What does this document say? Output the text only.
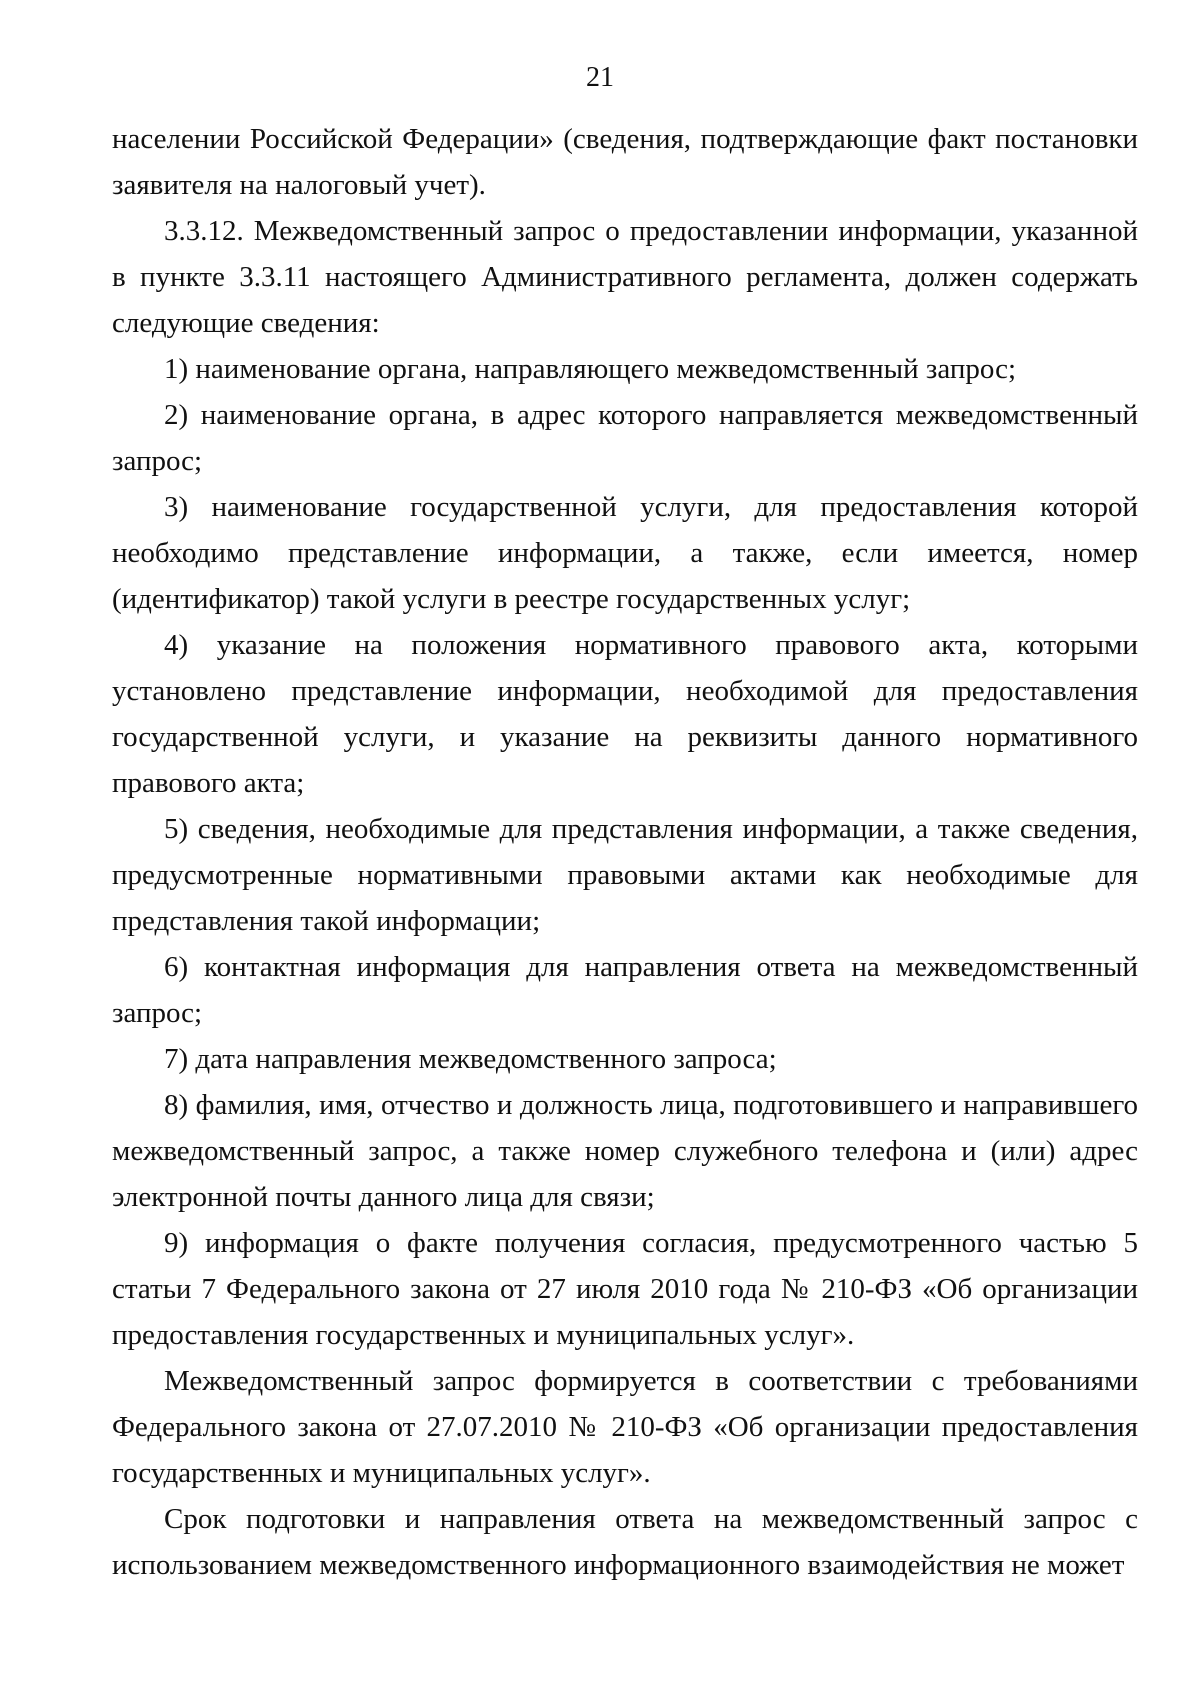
21

населении Российской Федерации» (сведения, подтверждающие факт постановки заявителя на налоговый учет).

3.3.12. Межведомственный запрос о предоставлении информации, указанной в пункте 3.3.11 настоящего Административного регламента, должен содержать следующие сведения:

1) наименование органа, направляющего межведомственный запрос;

2) наименование органа, в адрес которого направляется межведомственный запрос;

3) наименование государственной услуги, для предоставления которой необходимо представление информации, а также, если имеется, номер (идентификатор) такой услуги в реестре государственных услуг;

4) указание на положения нормативного правового акта, которыми установлено представление информации, необходимой для предоставления государственной услуги, и указание на реквизиты данного нормативного правового акта;

5) сведения, необходимые для представления информации, а также сведения, предусмотренные нормативными правовыми актами как необходимые для представления такой информации;

6) контактная информация для направления ответа на межведомственный запрос;

7) дата направления межведомственного запроса;

8) фамилия, имя, отчество и должность лица, подготовившего и направившего межведомственный запрос, а также номер служебного телефона и (или) адрес электронной почты данного лица для связи;

9) информация о факте получения согласия, предусмотренного частью 5 статьи 7 Федерального закона от 27 июля 2010 года № 210-ФЗ «Об организации предоставления государственных и муниципальных услуг».

Межведомственный запрос формируется в соответствии с требованиями Федерального закона от 27.07.2010 № 210-ФЗ «Об организации предоставления государственных и муниципальных услуг».

Срок подготовки и направления ответа на межведомственный запрос с использованием межведомственного информационного взаимодействия не может
